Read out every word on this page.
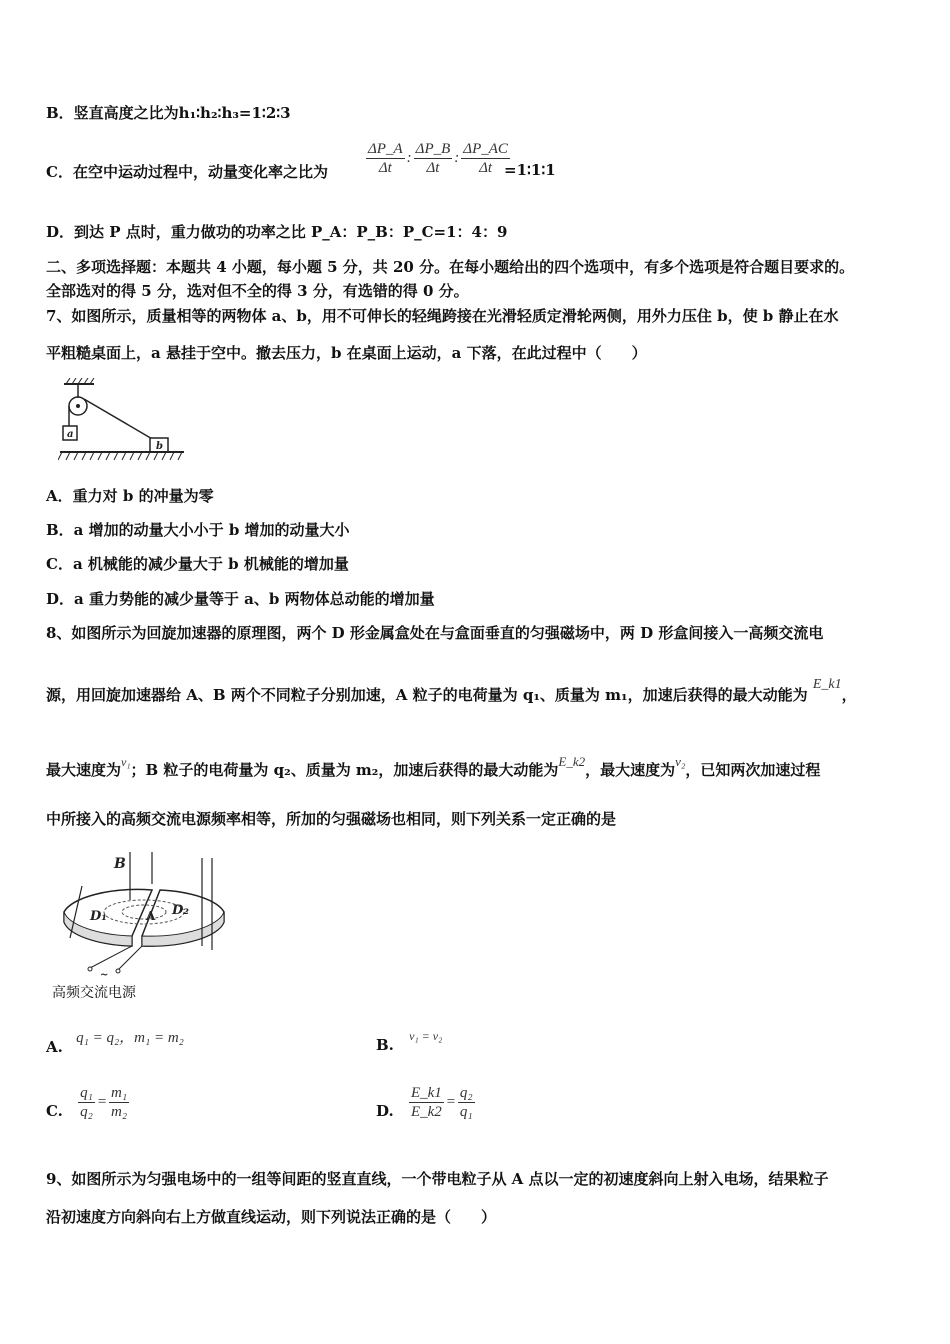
B．竖直高度之比为h₁∶h₂∶h₃=1∶2∶3
C．在空中运动过程中，动量变化率之比为	$\frac{\Delta P\_A}{\Delta t}$ : $\frac{\Delta P\_B}{\Delta t}$ : $\frac{\Delta P\_AC}{\Delta t}$
=1∶1∶1
D．到达 P 点时，重力做功的功率之比 P_A：P_B：P_C=1：4：9
二、多项选择题：本题共 4 小题，每小题 5 分，共 20 分。在每小题给出的四个选项中，有多个选项是符合题目要求的。
全部选对的得 5 分，选对但不全的得 3 分，有选错的得 0 分。
7、如图所示，质量相等的两物体 a、b，用不可伸长的轻绳跨接在光滑轻质定滑轮两侧，用外力压住 b，使 b 静止在水
平粗糙桌面上，a 悬挂于空中。撤去压力，b 在桌面上运动，a 下落，在此过程中（　　）
a
b
A．重力对 b 的冲量为零
B．a 增加的动量大小小于 b 增加的动量大小
C．a 机械能的减少量大于 b 机械能的增加量
D．a 重力势能的减少量等于 a、b 两物体总动能的增加量
8、如图所示为回旋加速器的原理图，两个 D 形金属盒处在与盒面垂直的匀强磁场中，两 D 形盒间接入一高频交流电
源，用回旋加速器给 A、B 两个不同粒子分别加速，A 粒子的电荷量为 q₁、质量为 m₁，加速后获得的最大动能为 E_k1，
最大速度为$^{v_1}$；B 粒子的电荷量为 q₂、质量为 m₂，加速后获得的最大动能为E_k2，最大速度为v₂，已知两次加速过程
中所接入的高频交流电源频率相等，所加的匀强磁场也相同，则下列关系一定正确的是
B
D₁	D₂
A
~
高频交流电源
A. q₁ = q₂，m₁ = m₂	B. $^{v_1 = v_2}$
C. $\frac{\text{q₁}}{\text{q₂}} = \frac{\text{m₁}}{\text{m₂}}$	D. $\frac{E\_k1}{E\_k2} = \frac{\text{q₂}}{\text{q₁}}$
9、如图所示为匀强电场中的一组等间距的竖直直线，一个带电粒子从 A 点以一定的初速度斜向上射入电场，结果粒子
沿初速度方向斜向右上方做直线运动，则下列说法正确的是（　　）
